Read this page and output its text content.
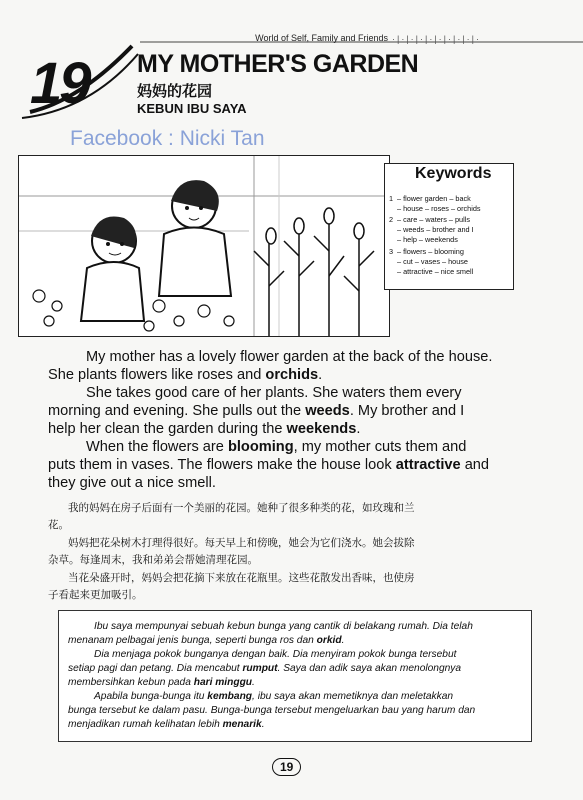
World of Self, Family and Friends ·|·|·|·|·|·|·|·|·|·
19 MY MOTHER'S GARDEN
妈妈的花园
KEBUN IBU SAYA
Facebook : Nicki Tan
1 – flower garden – back
– house – roses – orchids
2 – care – waters – pulls
– weeds – brother and I
– help – weekends
3 – flowers – blooming
– cut – vases – house
– attractive – nice smell
Keywords
My mother has a lovely flower garden at the back of the house.
She plants flowers like roses and orchids.
She takes good care of her plants. She waters them every
morning and evening. She pulls out the weeds. My brother and I
help her clean the garden during the weekends.
When the flowers are blooming, my mother cuts them and
puts them in vases. The flowers make the house look attractive and
they give out a nice smell.
我的妈妈在房子后面有一个美丽的花园。她种了很多种类的花，如玫瑰和兰
花。
妈妈把花朵树木打理得很好。每天早上和傍晚，她会为它们浇水。她会拔除
杂草。每逢周末，我和弟弟会帮她清理花园。
当花朵盛开时，妈妈会把花摘下来放在花瓶里。这些花散发出香味，也使房
子看起来更加吸引。
Ibu saya mempunyai sebuah kebun bunga yang cantik di belakang rumah. Dia telah
menanam pelbagai jenis bunga, seperti bunga ros dan orkid.
Dia menjaga pokok bunganya dengan baik. Dia menyiram pokok bunga tersebut
setiap pagi dan petang. Dia mencabut rumput. Saya dan adik saya akan menolongnya
membersihkan kebun pada hari minggu.
Apabila bunga-bunga itu kembang, ibu saya akan memetiknya dan meletakkan
bunga tersebut ke dalam pasu. Bunga-bunga tersebut mengeluarkan bau yang harum dan
menjadikan rumah kelihatan lebih menarik.
19
